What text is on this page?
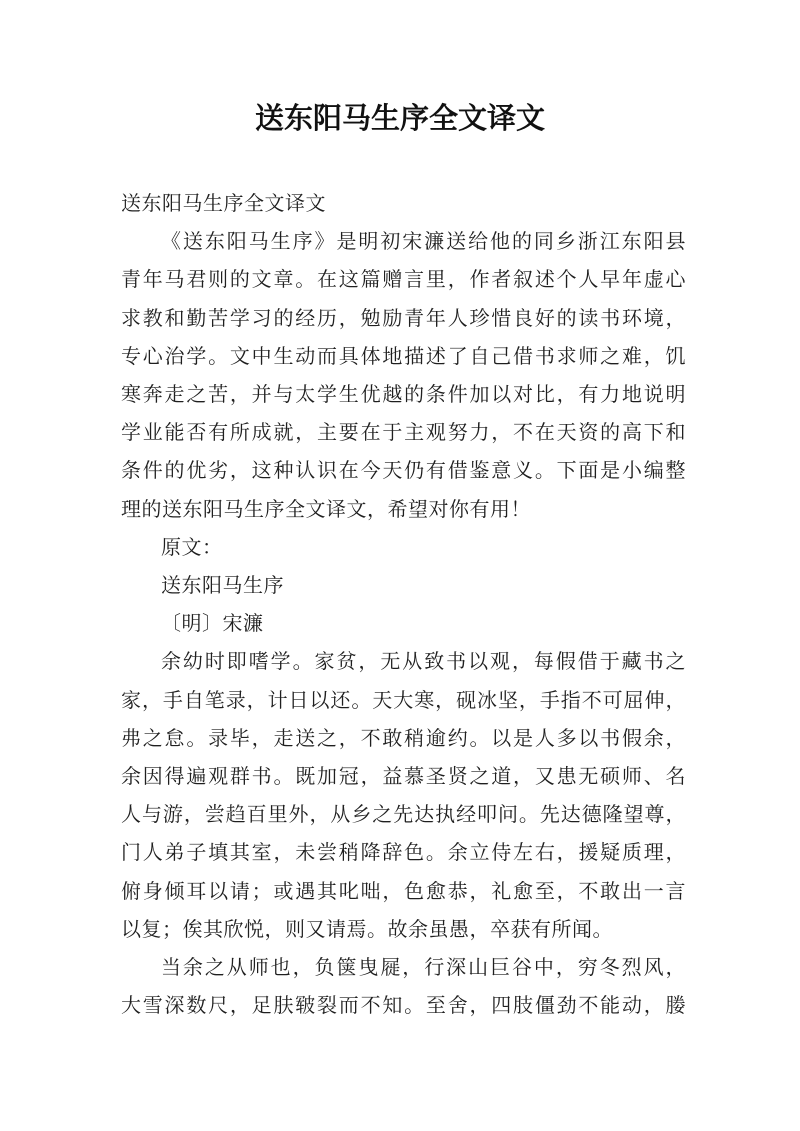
送东阳马生序全文译文
送东阳马生序全文译文

《送东阳马生序》是明初宋濂送给他的同乡浙江东阳县
青年马君则的文章。在这篇赠言里，作者叙述个人早年虚心
求教和勤苦学习的经历，勉励青年人珍惜良好的读书环境，
专心治学。文中生动而具体地描述了自己借书求师之难，饥
寒奔走之苦，并与太学生优越的条件加以对比，有力地说明
学业能否有所成就，主要在于主观努力，不在天资的高下和
条件的优劣，这种认识在今天仍有借鉴意义。下面是小编整
理的送东阳马生序全文译文，希望对你有用！

原文：
送东阳马生序
〔明〕宋濂

余幼时即嗜学。家贫，无从致书以观，每假借于藏书之
家，手自笔录，计日以还。天大寒，砚冰坚，手指不可屈伸，
弗之怠。录毕，走送之，不敢稍逾约。以是人多以书假余，
余因得遍观群书。既加冠，益慕圣贤之道，又患无硕师、名
人与游，尝趋百里外，从乡之先达执经叩问。先达德隆望尊，
门人弟子填其室，未尝稍降辞色。余立侍左右，援疑质理，
俯身倾耳以请；或遇其叱咄，色愈恭，礼愈至，不敢出一言
以复；俟其欣悦，则又请焉。故余虽愚，卒获有所闻。

当余之从师也，负箧曳屣，行深山巨谷中，穷冬烈风，
大雪深数尺，足肤皲裂而不知。至舍，四肢僵劲不能动，媵
